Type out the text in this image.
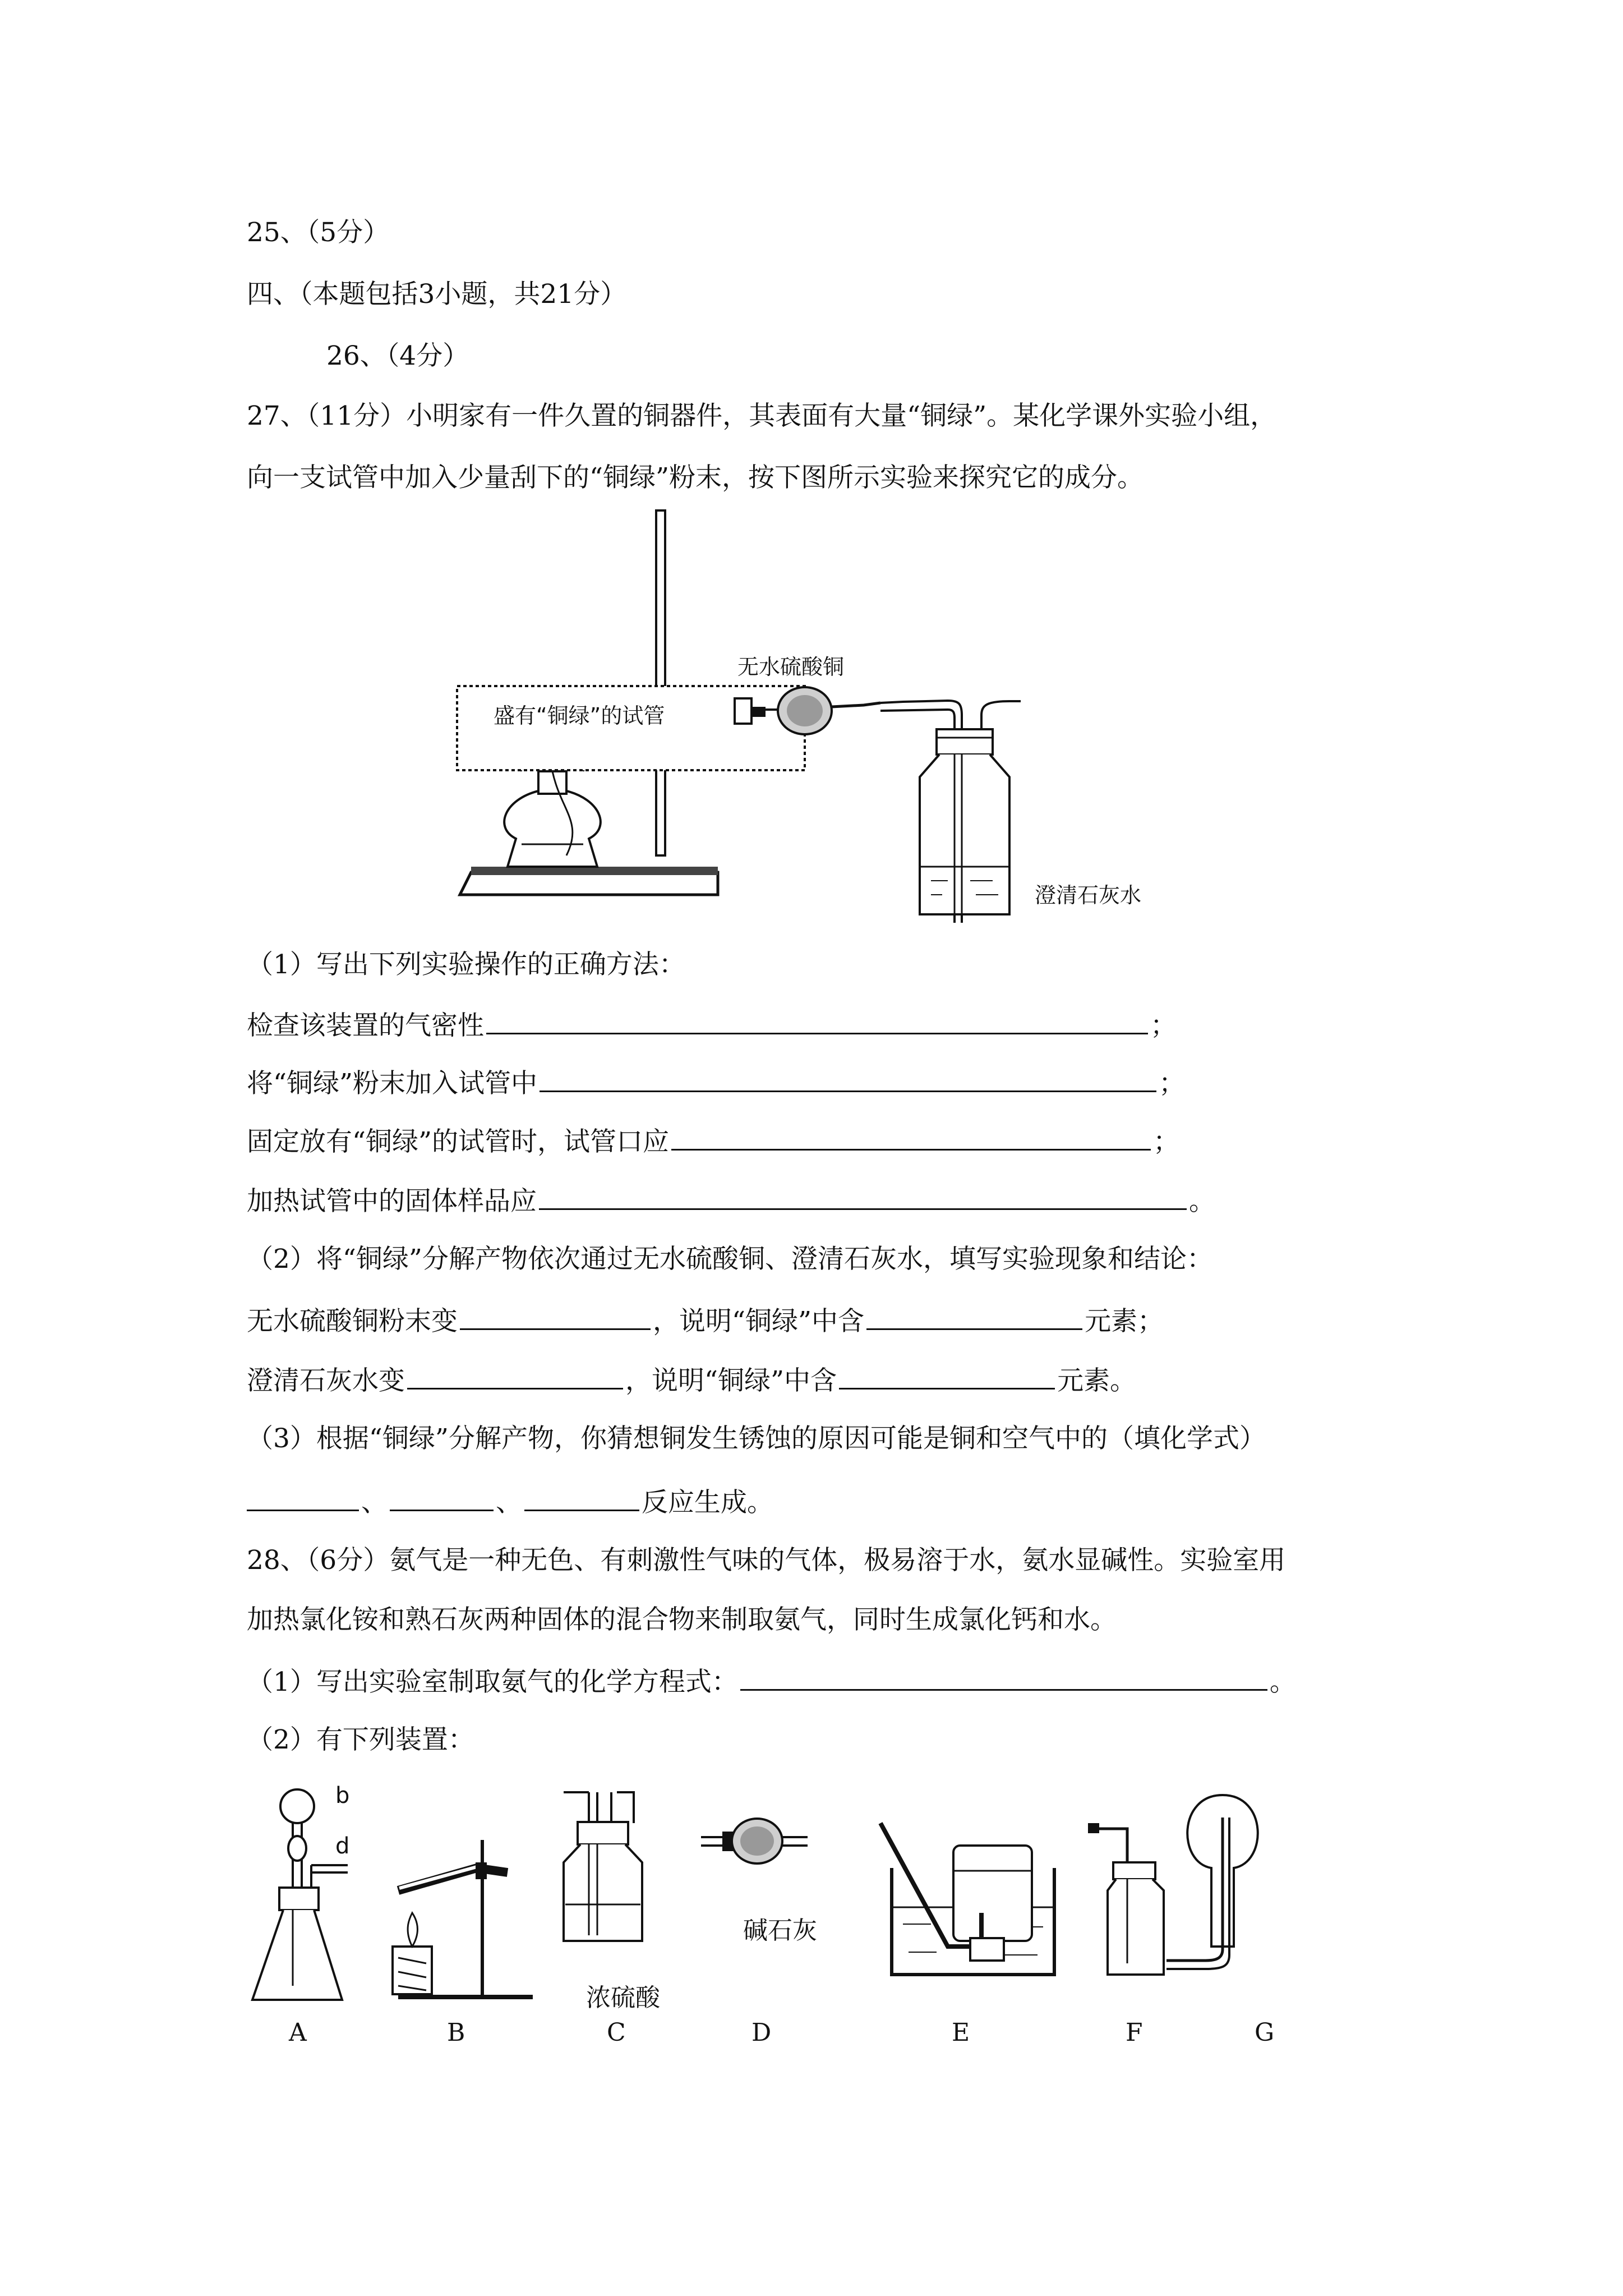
25、（5分）
四、（本题包括3小题，共21分）
26、（4分）
27、（11分）小明家有一件久置的铜器件，其表面有大量“铜绿”。某化学课外实验小组，
向一支试管中加入少量刮下的“铜绿”粉末，按下图所示实验来探究它的成分。
盛有“铜绿”的试管
无水硫酸铜
澄清石灰水
（1）写出下列实验操作的正确方法：
检查该装置的气密性	；
将“铜绿”粉末加入试管中	；
固定放有“铜绿”的试管时，试管口应	；
加热试管中的固体样品应	。
（2）将“铜绿”分解产物依次通过无水硫酸铜、澄清石灰水，填写实验现象和结论：
无水硫酸铜粉末变	，说明“铜绿”中含	元素；
澄清石灰水变	，说明“铜绿”中含	元素。
（3）根据“铜绿”分解产物，你猜想铜发生锈蚀的原因可能是铜和空气中的（填化学式）
、	、	反应生成。
28、（6分）氨气是一种无色、有刺激性气味的气体，极易溶于水，氨水显碱性。实验室用
加热氯化铵和熟石灰两种固体的混合物来制取氨气，同时生成氯化钙和水。
（1）写出实验室制取氨气的化学方程式：	。
（2）有下列装置：
b
d
浓硫酸
碱石灰
A	B	C	D	E	F	G
